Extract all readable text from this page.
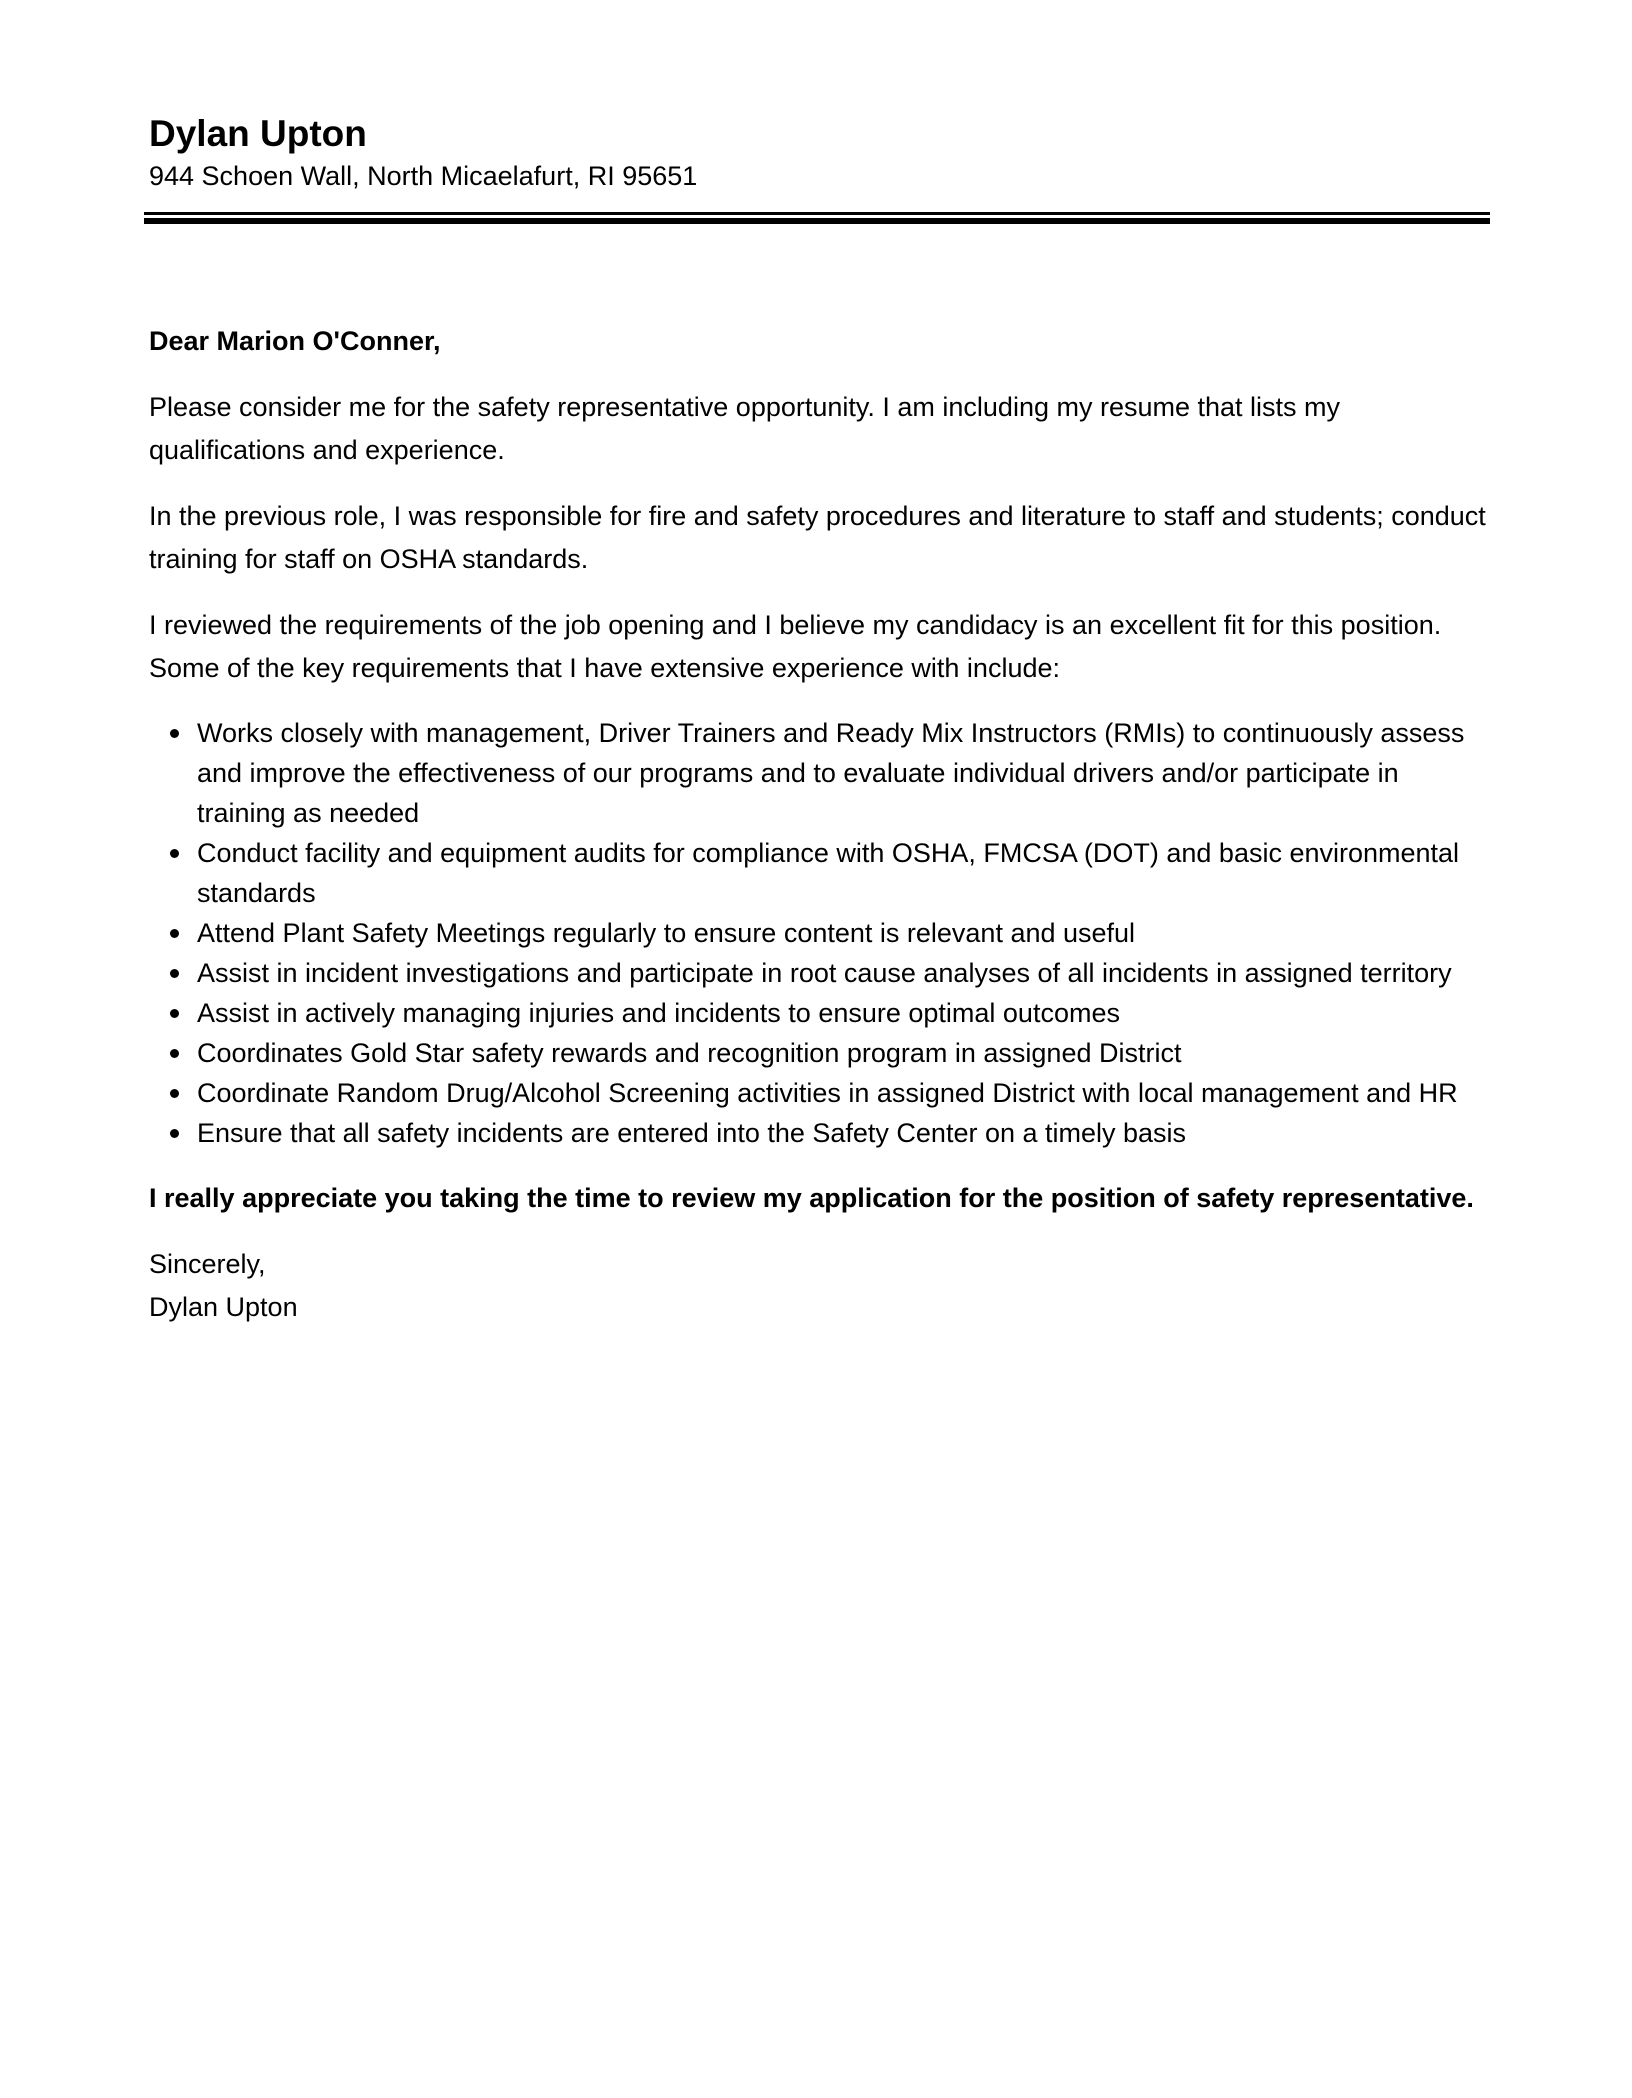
Dylan Upton

944 Schoen Wall, North Micaelafurt, RI 95651

Dear Marion O'Conner,

Please consider me for the safety representative opportunity. I am including my resume that lists my qualifications and experience.

In the previous role, I was responsible for fire and safety procedures and literature to staff and students; conduct training for staff on OSHA standards.

I reviewed the requirements of the job opening and I believe my candidacy is an excellent fit for this position. Some of the key requirements that I have extensive experience with include:

Works closely with management, Driver Trainers and Ready Mix Instructors (RMIs) to continuously assess and improve the effectiveness of our programs and to evaluate individual drivers and/or participate in training as needed
Conduct facility and equipment audits for compliance with OSHA, FMCSA (DOT) and basic environmental standards
Attend Plant Safety Meetings regularly to ensure content is relevant and useful
Assist in incident investigations and participate in root cause analyses of all incidents in assigned territory
Assist in actively managing injuries and incidents to ensure optimal outcomes
Coordinates Gold Star safety rewards and recognition program in assigned District
Coordinate Random Drug/Alcohol Screening activities in assigned District with local management and HR
Ensure that all safety incidents are entered into the Safety Center on a timely basis

I really appreciate you taking the time to review my application for the position of safety representative.

Sincerely,

Dylan Upton
